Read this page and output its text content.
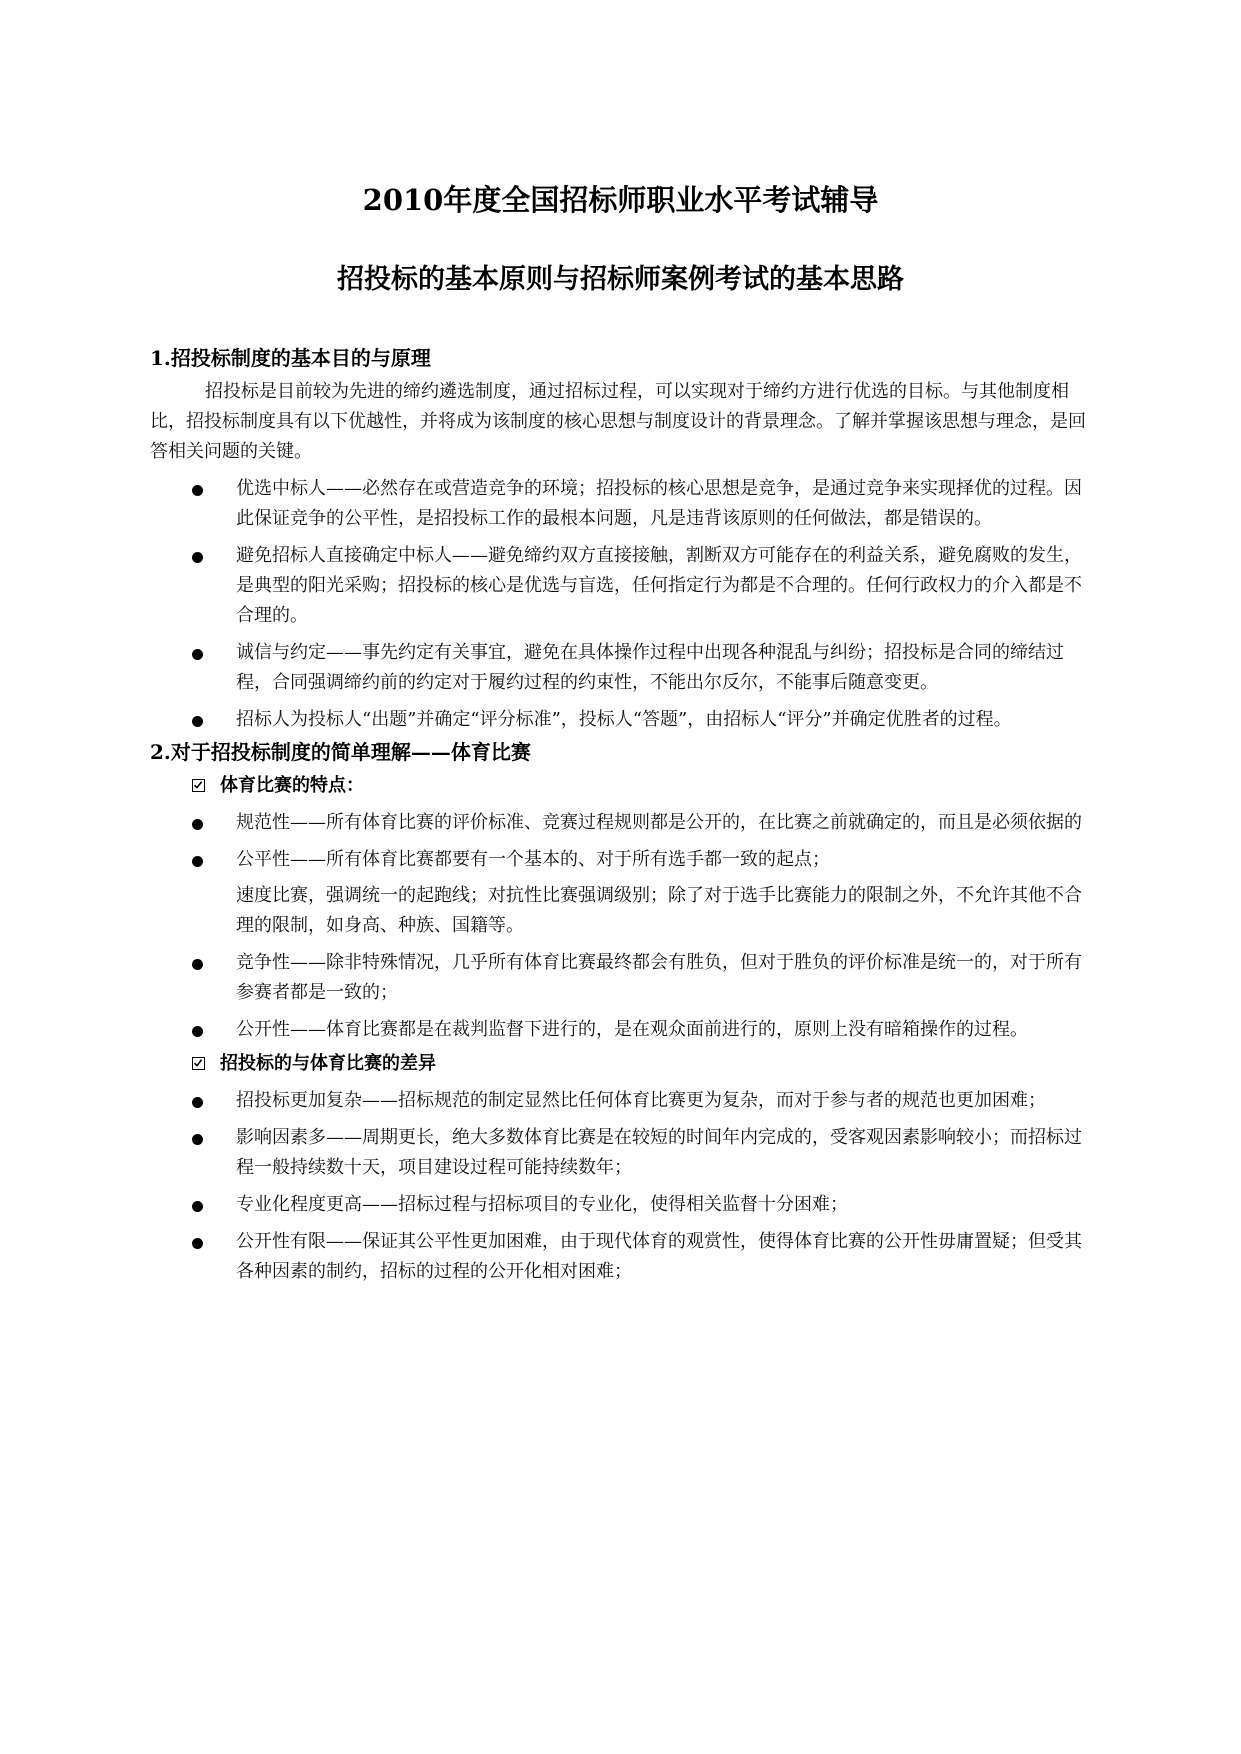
2010年度全国招标师职业水平考试辅导
招投标的基本原则与招标师案例考试的基本思路

1.招投标制度的基本目的与原理

招投标是目前较为先进的缔约遴选制度，通过招标过程，可以实现对于缔约方进行优选的目标。与其他制度相比，招投标制度具有以下优越性，并将成为该制度的核心思想与制度设计的背景理念。了解并掌握该思想与理念，是回答相关问题的关键。

优选中标人——必然存在或营造竞争的环境；招投标的核心思想是竞争，是通过竞争来实现择优的过程。因此保证竞争的公平性，是招投标工作的最根本问题，凡是违背该原则的任何做法，都是错误的。
避免招标人直接确定中标人——避免缔约双方直接接触，割断双方可能存在的利益关系，避免腐败的发生，是典型的阳光采购；招投标的核心是优选与盲选，任何指定行为都是不合理的。任何行政权力的介入都是不合理的。
诚信与约定——事先约定有关事宜，避免在具体操作过程中出现各种混乱与纠纷；招投标是合同的缔结过程，合同强调缔约前的约定对于履约过程的约束性，不能出尔反尔，不能事后随意变更。
招标人为投标人“出题”并确定“评分标准”，投标人“答题”，由招标人“评分”并确定优胜者的过程。

2.对于招投标制度的简单理解——体育比赛

体育比赛的特点：
规范性——所有体育比赛的评价标准、竞赛过程规则都是公开的，在比赛之前就确定的，而且是必须依据的
公平性——所有体育比赛都要有一个基本的、对于所有选手都一致的起点；
速度比赛，强调统一的起跑线；对抗性比赛强调级别；除了对于选手比赛能力的限制之外，不允许其他不合理的限制，如身高、种族、国籍等。
竞争性——除非特殊情况，几乎所有体育比赛最终都会有胜负，但对于胜负的评价标准是统一的，对于所有参赛者都是一致的；
公开性——体育比赛都是在裁判监督下进行的，是在观众面前进行的，原则上没有暗箱操作的过程。
招投标的与体育比赛的差异
招投标更加复杂——招标规范的制定显然比任何体育比赛更为复杂，而对于参与者的规范也更加困难；
影响因素多——周期更长，绝大多数体育比赛是在较短的时间年内完成的，受客观因素影响较小；而招标过程一般持续数十天，项目建设过程可能持续数年；
专业化程度更高——招标过程与招标项目的专业化，使得相关监督十分困难；
公开性有限——保证其公平性更加困难，由于现代体育的观赏性，使得体育比赛的公开性毋庸置疑；但受其各种因素的制约，招标的过程的公开化相对困难；
